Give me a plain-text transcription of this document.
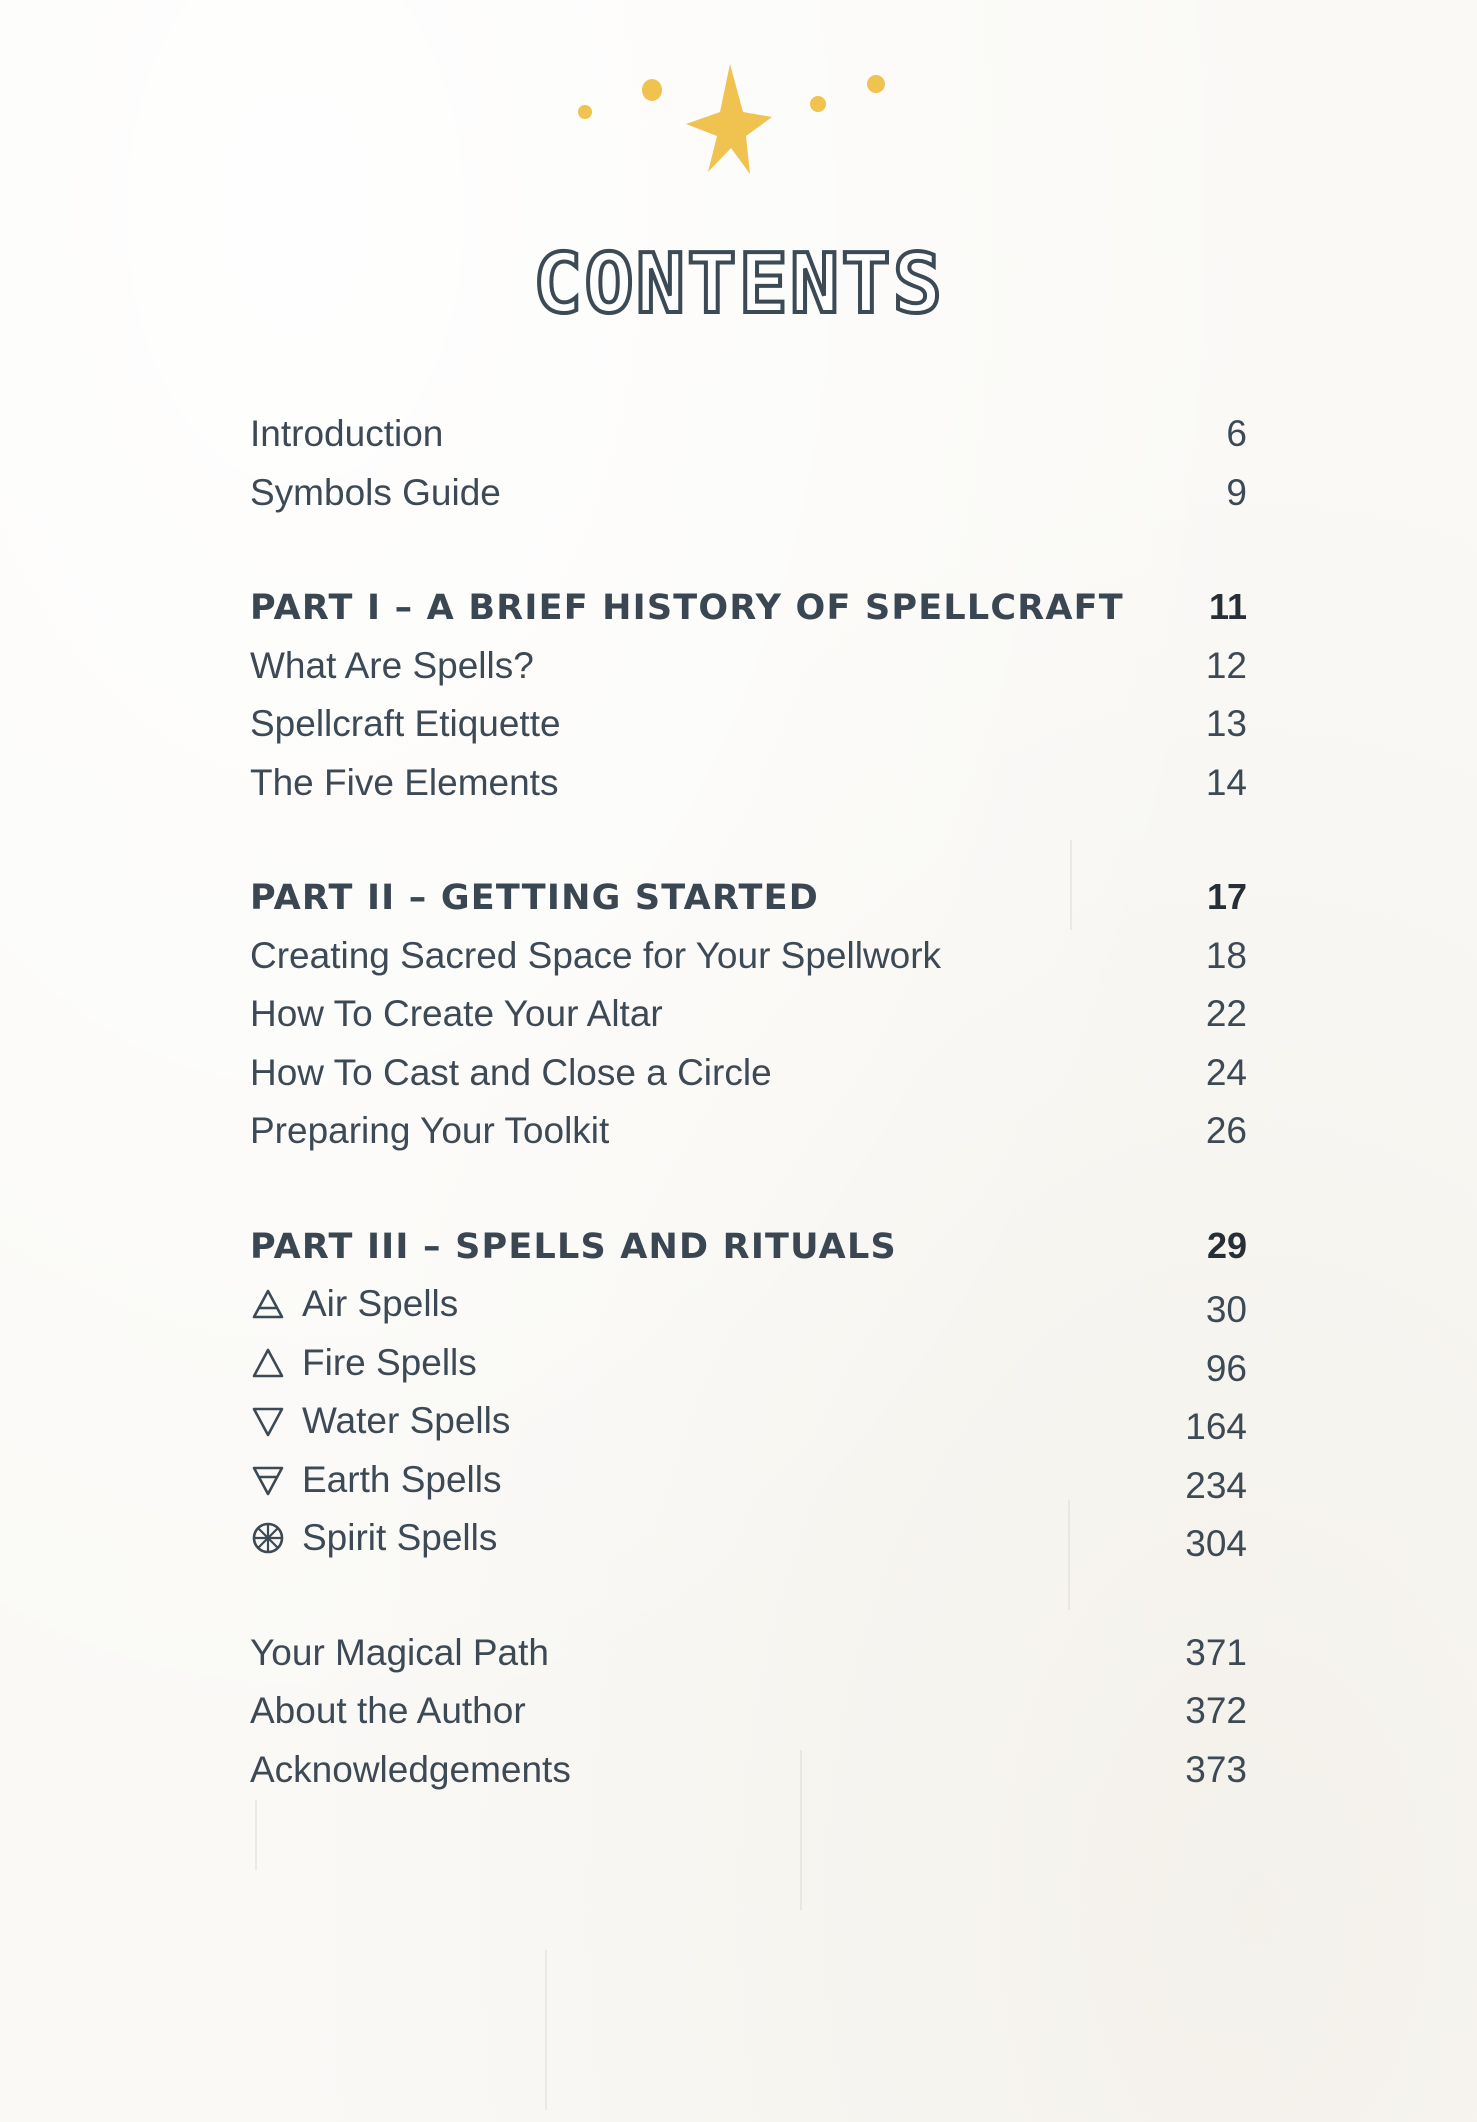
CONTENTS
Introduction	6
Symbols Guide	9
PART I – A BRIEF HISTORY OF SPELLCRAFT 11
What Are Spells?	12
Spellcraft Etiquette	13
The Five Elements	14
PART II – GETTING STARTED	17
Creating Sacred Space for Your Spellwork	18
How To Create Your Altar	22
How To Cast and Close a Circle	24
Preparing Your Toolkit	26
PART III – SPELLS AND RITUALS	29
Air Spells	30
Fire Spells	96
Water Spells	164
Earth Spells	234
Spirit Spells	304
Your Magical Path	371
About the Author	372
Acknowledgements	373
